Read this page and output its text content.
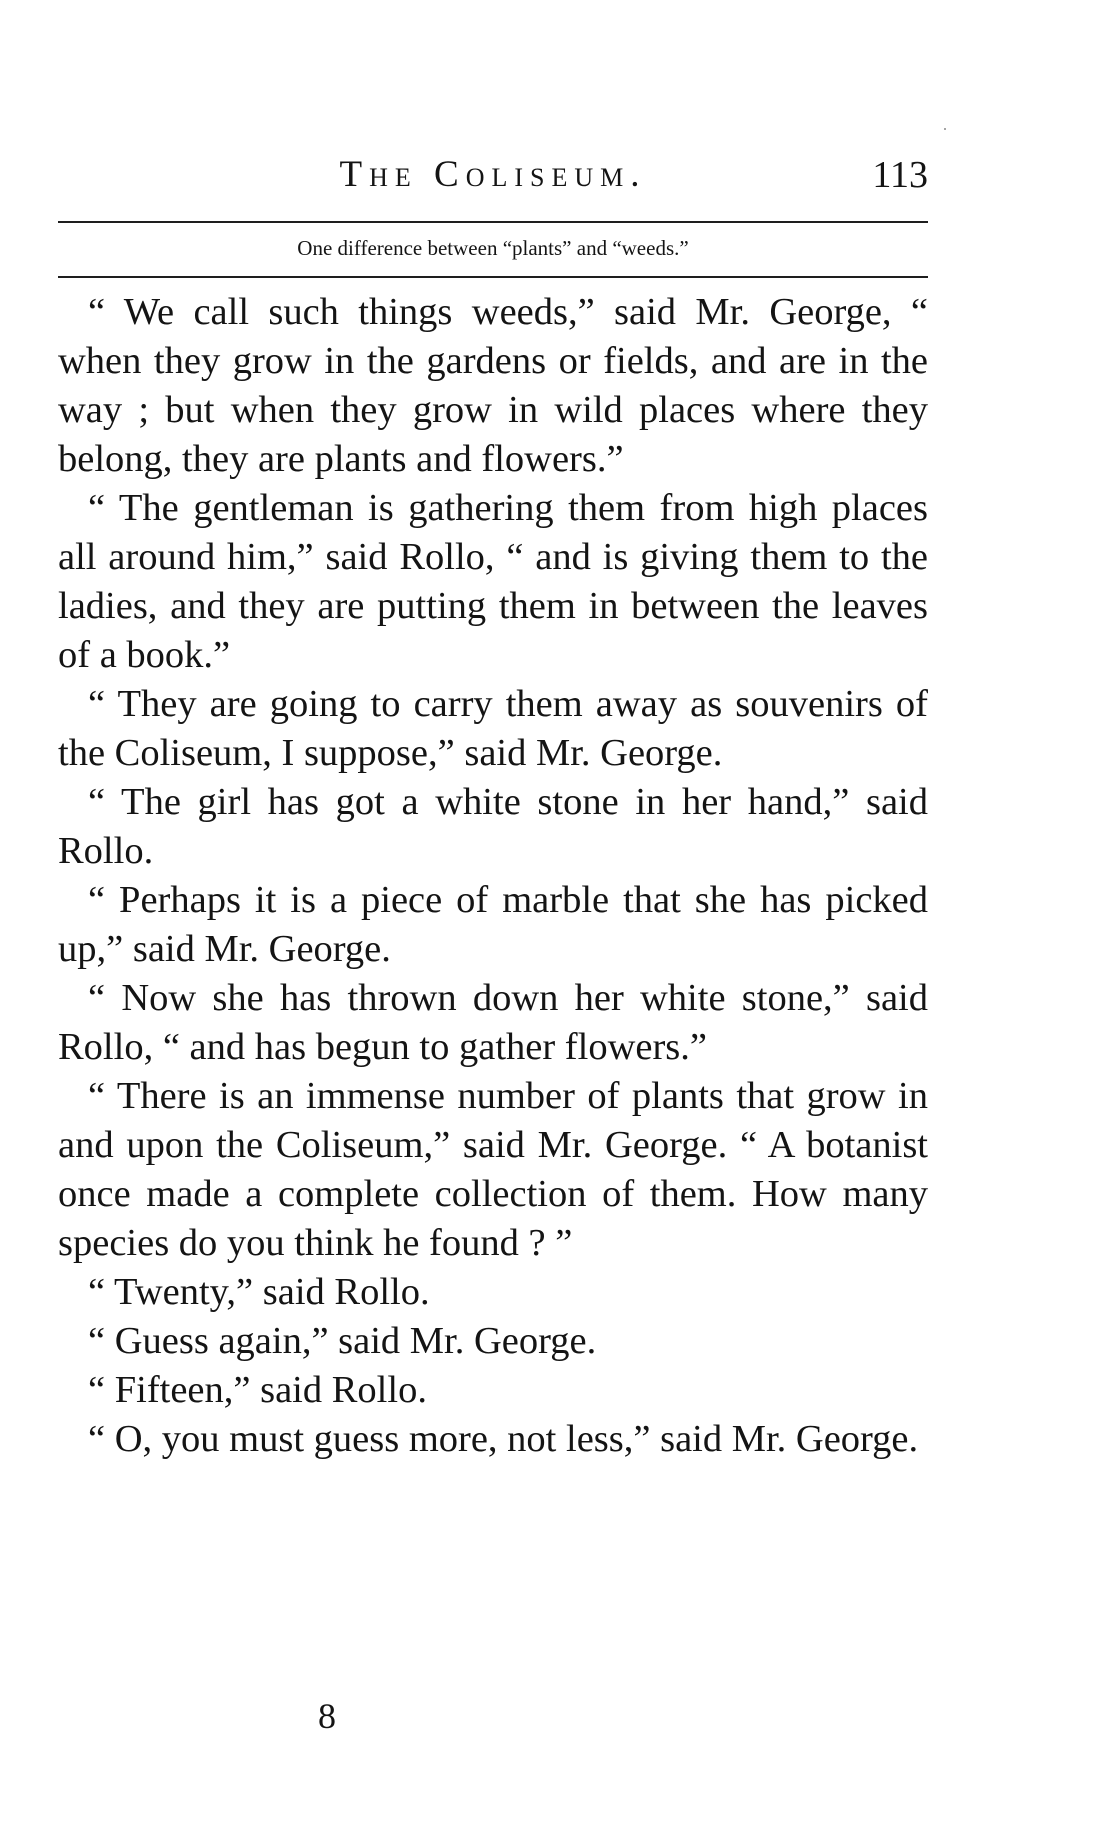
The Coliseum.	113
One difference between “plants” and “weeds.”

“ We call such things weeds,” said Mr. George, “ when they grow in the gardens or fields, and are in the way ; but when they grow in wild places where they belong, they are plants and flowers.”

“ The gentleman is gathering them from high places all around him,” said Rollo, “ and is giving them to the ladies, and they are putting them in between the leaves of a book.”

“ They are going to carry them away as souvenirs of the Coliseum, I suppose,” said Mr. George.

“ The girl has got a white stone in her hand,” said Rollo.

“ Perhaps it is a piece of marble that she has picked up,” said Mr. George.

“ Now she has thrown down her white stone,” said Rollo, “ and has begun to gather flowers.”

“ There is an immense number of plants that grow in and upon the Coliseum,” said Mr. George. “ A botanist once made a complete collection of them. How many species do you think he found ? ”

“ Twenty,” said Rollo.

“ Guess again,” said Mr. George.

“ Fifteen,” said Rollo.

“ O, you must guess more, not less,” said Mr. George.

8
